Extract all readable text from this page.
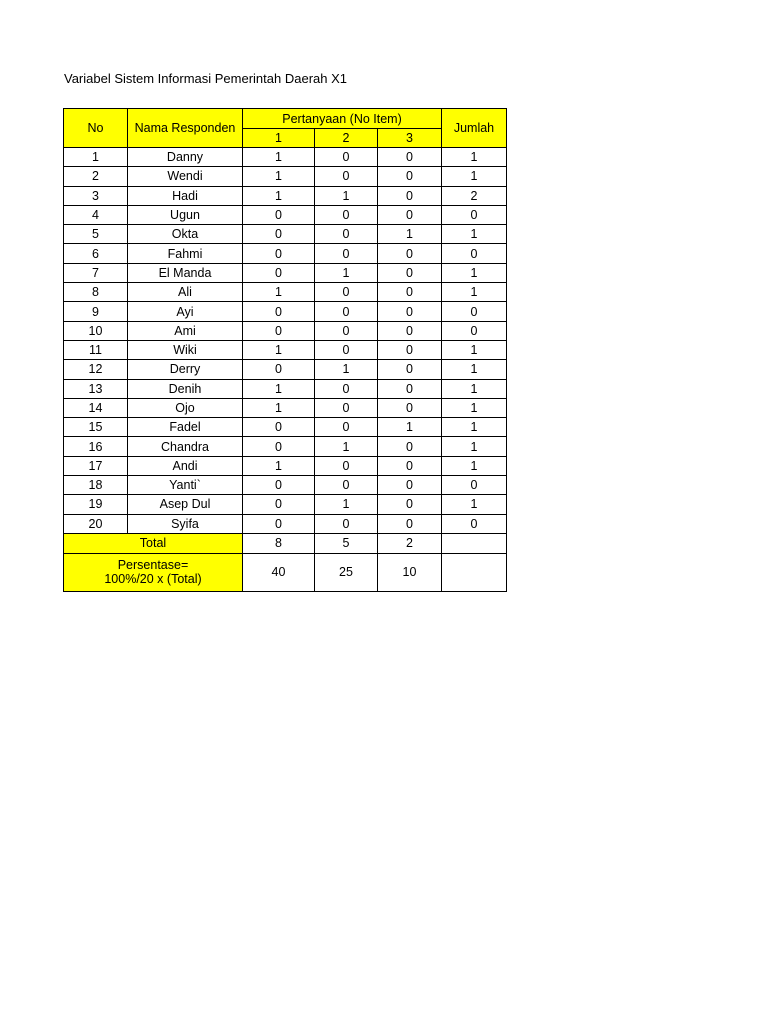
Variabel Sistem Informasi Pemerintah Daerah X1
No	Nama Responden	Pertanyaan (No Item)			Jumlah
		1	2	3	
1	Danny	1	0	0	1
2	Wendi	1	0	0	1
3	Hadi	1	1	0	2
4	Ugun	0	0	0	0
5	Okta	0	0	1	1
6	Fahmi	0	0	0	0
7	El Manda	0	1	0	1
8	Ali	1	0	0	1
9	Ayi	0	0	0	0
10	Ami	0	0	0	0
11	Wiki	1	0	0	1
12	Derry	0	1	0	1
13	Denih	1	0	0	1
14	Ojo	1	0	0	1
15	Fadel	0	0	1	1
16	Chandra	0	1	0	1
17	Andi	1	0	0	1
18	Yanti`	0	0	0	0
19	Asep Dul	0	1	0	1
20	Syifa	0	0	0	0
Total		8	5	2	

Persentase=
100%/20 x (Total)		40	25	10	
